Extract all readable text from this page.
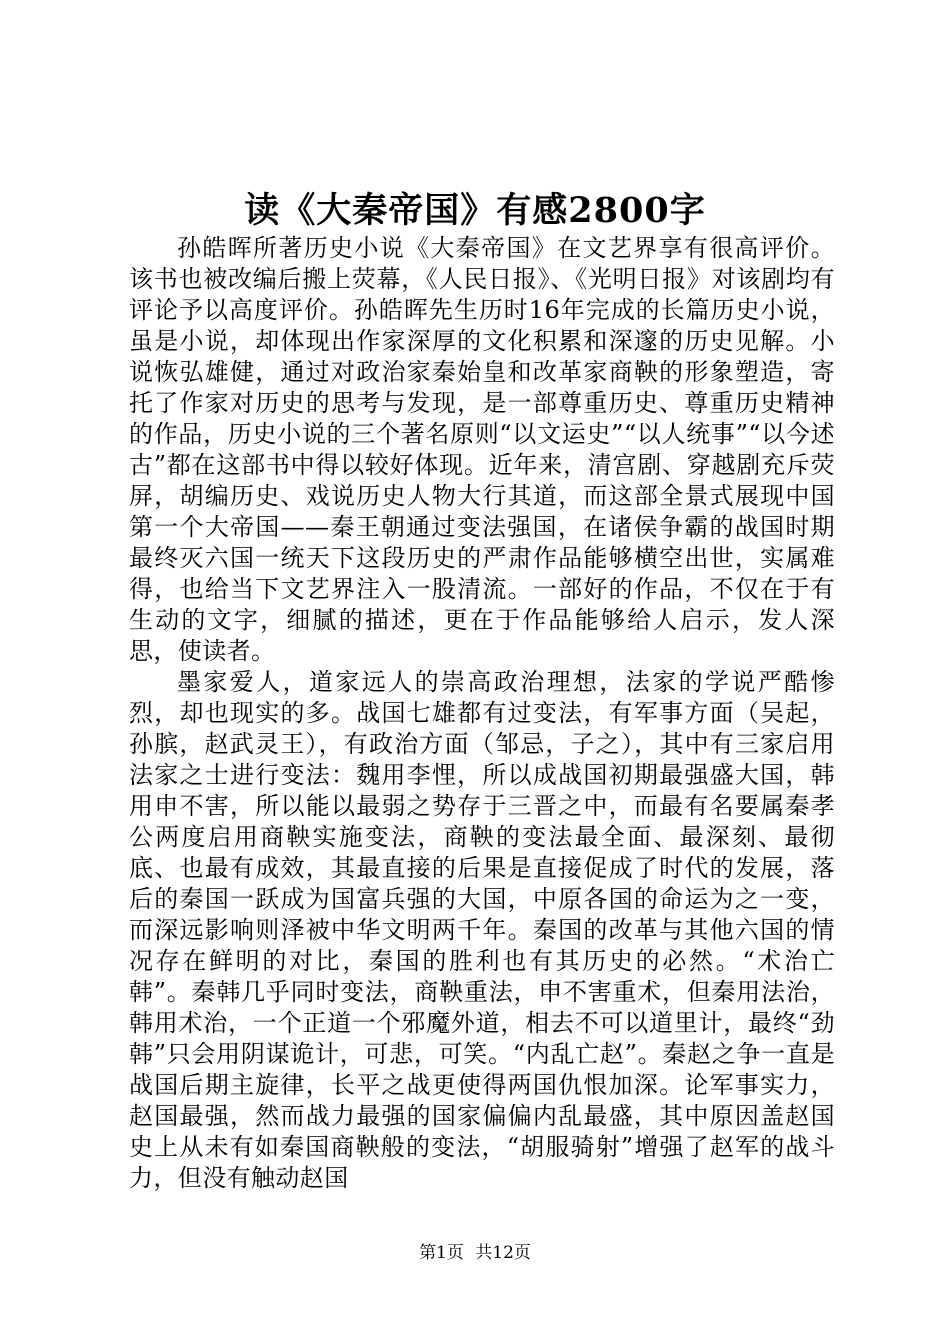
读《大秦帝国》有感2800字

孙皓晖所著历史小说《大秦帝国》在文艺界享有很高评价。该书也被改编后搬上荧幕，《人民日报》、《光明日报》对该剧均有评论予以高度评价。孙皓晖先生历时16年完成的长篇历史小说，虽是小说，却体现出作家深厚的文化积累和深邃的历史见解。小说恢弘雄健，通过对政治家秦始皇和改革家商鞅的形象塑造，寄托了作家对历史的思考与发现，是一部尊重历史、尊重历史精神的作品，历史小说的三个著名原则“以文运史”“以人统事”“以今述古”都在这部书中得以较好体现。近年来，清宫剧、穿越剧充斥荧屏，胡编历史、戏说历史人物大行其道，而这部全景式展现中国第一个大帝国——秦王朝通过变法强国，在诸侯争霸的战国时期最终灭六国一统天下这段历史的严肃作品能够横空出世，实属难得，也给当下文艺界注入一股清流。一部好的作品，不仅在于有生动的文字，细腻的描述，更在于作品能够给人启示，发人深思，使读者。

墨家爱人，道家远人的崇高政治理想，法家的学说严酷惨烈，却也现实的多。战国七雄都有过变法，有军事方面（吴起，孙膑，赵武灵王），有政治方面（邹忌，子之），其中有三家启用法家之士进行变法：魏用李悝，所以成战国初期最强盛大国，韩用申不害，所以能以最弱之势存于三晋之中，而最有名要属秦孝公两度启用商鞅实施变法，商鞅的变法最全面、最深刻、最彻底、也最有成效，其最直接的后果是直接促成了时代的发展，落后的秦国一跃成为国富兵强的大国，中原各国的命运为之一变，而深远影响则泽被中华文明两千年。秦国的改革与其他六国的情况存在鲜明的对比，秦国的胜利也有其历史的必然。“术治亡韩”。秦韩几乎同时变法，商鞅重法，申不害重术，但秦用法治，韩用术治，一个正道一个邪魔外道，相去不可以道里计，最终“劲韩”只会用阴谋诡计，可悲，可笑。“内乱亡赵”。秦赵之争一直是战国后期主旋律，长平之战更使得两国仇恨加深。论军事实力，赵国最强，然而战力最强的国家偏偏内乱最盛，其中原因盖赵国史上从未有如秦国商鞅般的变法，“胡服骑射”增强了赵军的战斗力，但没有触动赵国

第1页 共12页
